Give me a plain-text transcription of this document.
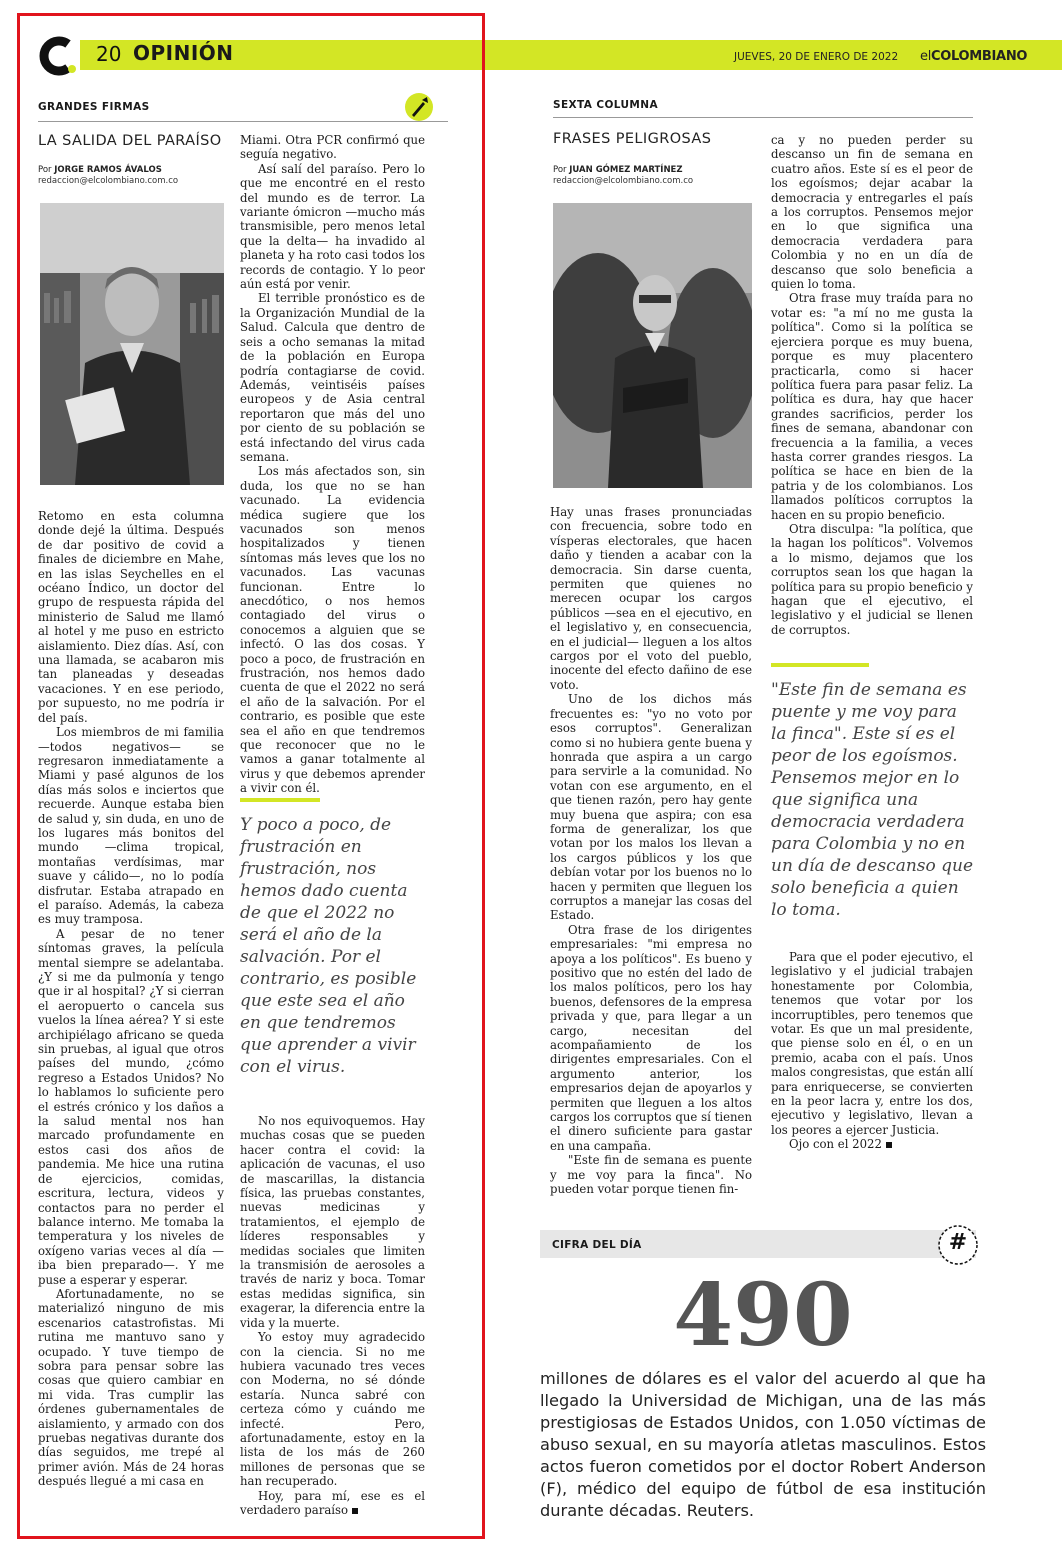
20 OPINIÓN	JUEVES, 20 DE ENERO DE 2022 elCOLOMBIANO
GRANDES FIRMAS
LA SALIDA DEL PARAÍSO
Por JORGE RAMOS ÁVALOS
redaccion@elcolombiano.com.co

Retomo en esta columna donde dejé la última. Después de dar positivo de covid a finales de diciembre en Mahe, en las islas Seychelles en el océano Índico, un doctor del grupo de respuesta rápida del ministerio de Salud me llamó al hotel y me puso en estricto aislamiento. Diez días. Así, con una llamada, se acabaron mis tan planeadas y deseadas vacaciones. Y en ese periodo, por supuesto, no me podría ir del país.

Los miembros de mi familia —todos negativos— se regresaron inmediatamente a Miami y pasé algunos de los días más solos e inciertos que recuerde. Aunque estaba bien de salud y, sin duda, en uno de los lugares más bonitos del mundo —clima tropical, montañas verdísimas, mar suave y cálido—, no lo podía disfrutar. Estaba atrapado en el paraíso. Además, la cabeza es muy tramposa.

A pesar de no tener síntomas graves, la película mental siempre se adelantaba. ¿Y si me da pulmonía y tengo que ir al hospital? ¿Y si cierran el aeropuerto o cancela sus vuelos la línea aérea? Y si este archipiélago africano se queda sin pruebas, al igual que otros países del mundo, ¿cómo regreso a Estados Unidos? No lo hablamos lo suficiente pero el estrés crónico y los daños a la salud mental nos han marcado profundamente en estos casi dos años de pandemia. Me hice una rutina de ejercicios, comidas, escritura, lectura, videos y contactos para no perder el balance interno. Me tomaba la temperatura y los niveles de oxígeno varias veces al día —iba bien preparado—. Y me puse a esperar y esperar.

Afortunadamente, no se materializó ninguno de mis escenarios catastrofistas. Mi rutina me mantuvo sano y ocupado. Y tuve tiempo de sobra para pensar sobre las cosas que quiero cambiar en mi vida. Tras cumplir las órdenes gubernamentales de aislamiento, y armado con dos pruebas negativas durante dos días seguidos, me trepé al primer avión. Más de 24 horas después llegué a mi casa en

Miami. Otra PCR confirmó que seguía negativo.

Así salí del paraíso. Pero lo que me encontré en el resto del mundo es de terror. La variante ómicron —mucho más transmisible, pero menos letal que la delta— ha invadido al planeta y ha roto casi todos los records de contagio. Y lo peor aún está por venir.

El terrible pronóstico es de la Organización Mundial de la Salud. Calcula que dentro de seis a ocho semanas la mitad de la población en Europa podría contagiarse de covid. Además, veintiséis países europeos y de Asia central reportaron que más del uno por ciento de su población se está infectando del virus cada semana.

Los más afectados son, sin duda, los que no se han vacunado. La evidencia médica sugiere que los vacunados son menos hospitalizados y tienen síntomas más leves que los no vacunados. Las vacunas funcionan. Entre lo anecdótico, o nos hemos contagiado del virus o conocemos a alguien que se infectó. O las dos cosas. Y poco a poco, de frustración en frustración, nos hemos dado cuenta de que el 2022 no será el año de la salvación. Por el contrario, es posible que este sea el año en que tendremos que reconocer que no le vamos a ganar totalmente al virus y que debemos aprender a vivir con él.

Y poco a poco, de frustración en frustración, nos hemos dado cuenta de que el 2022 no será el año de la salvación. Por el contrario, es posible que este sea el año en que tendremos que aprender a vivir con el virus.

No nos equivoquemos. Hay muchas cosas que se pueden hacer contra el covid: la aplicación de vacunas, el uso de mascarillas, la distancia física, las pruebas constantes, nuevas medicinas y tratamientos, el ejemplo de líderes responsables y medidas sociales que limiten la transmisión de aerosoles a través de nariz y boca. Tomar estas medidas significa, sin exagerar, la diferencia entre la vida y la muerte.

Yo estoy muy agradecido con la ciencia. Si no me hubiera vacunado tres veces con Moderna, no sé dónde estaría. Nunca sabré con certeza cómo y cuándo me infecté. Pero, afortunadamente, estoy en la lista de los más de 260 millones de personas que se han recuperado.

Hoy, para mí, ese es el verdadero paraíso

SEXTA COLUMNA
FRASES PELIGROSAS
Por JUAN GÓMEZ MARTÍNEZ
redaccion@elcolombiano.com.co

Hay unas frases pronunciadas con frecuencia, sobre todo en vísperas electorales, que hacen daño y tienden a acabar con la democracia. Sin darse cuenta, permiten que quienes no merecen ocupar los cargos públicos —sea en el ejecutivo, en el legislativo y, en consecuencia, en el judicial— lleguen a los altos cargos por el voto del pueblo, inocente del efecto dañino de ese voto.

Uno de los dichos más frecuentes es: "yo no voto por esos corruptos". Generalizan como si no hubiera gente buena y honrada que aspira a un cargo para servirle a la comunidad. No votan con ese argumento, en el que tienen razón, pero hay gente muy buena que aspira; con esa forma de generalizar, los que votan por los malos los llevan a los cargos públicos y los que debían votar por los buenos no lo hacen y permiten que lleguen los corruptos a manejar las cosas del Estado.

Otra frase de los dirigentes empresariales: "mi empresa no apoya a los políticos". Es bueno y positivo que no estén del lado de los malos políticos, pero los hay buenos, defensores de la empresa privada y que, para llegar a un cargo, necesitan del acompañamiento de los dirigentes empresariales. Con el argumento anterior, los empresarios dejan de apoyarlos y permiten que lleguen a los altos cargos los corruptos que sí tienen el dinero suficiente para gastar en una campaña.

"Este fin de semana es puente y me voy para la finca". No pueden votar porque tienen fin-

ca y no pueden perder su descanso un fin de semana en cuatro años. Este sí es el peor de los egoísmos; dejar acabar la democracia y entregarles el país a los corruptos. Pensemos mejor en lo que significa una democracia verdadera para Colombia y no en un día de descanso que solo beneficia a quien lo toma.

Otra frase muy traída para no votar es: "a mí no me gusta la política". Como si la política se ejerciera porque es muy buena, porque es muy placentero practicarla, como si hacer política fuera para pasar feliz. La política es dura, hay que hacer grandes sacrificios, perder los fines de semana, abandonar con frecuencia a la familia, a veces hasta correr grandes riesgos. La política se hace en bien de la patria y de los colombianos. Los llamados políticos corruptos la hacen en su propio beneficio.

Otra disculpa: "la política, que la hagan los políticos". Volvemos a lo mismo, dejamos que los corruptos sean los que hagan la política para su propio beneficio y hagan que el ejecutivo, el legislativo y el judicial se llenen de corruptos.

"Este fin de semana es puente y me voy para la finca". Este sí es el peor de los egoísmos. Pensemos mejor en lo que significa una democracia verdadera para Colombia y no en un día de descanso que solo beneficia a quien lo toma.

Para que el poder ejecutivo, el legislativo y el judicial trabajen honestamente por Colombia, tenemos que votar por los incorruptibles, pero tenemos que votar. Es que un mal presidente, que piense solo en él, o en un premio, acaba con el país. Unos malos congresistas, que están allí para enriquecerse, se convierten en la peor lacra y, entre los dos, ejecutivo y legislativo, llevan a los peores a ejercer Justicia.

Ojo con el 2022

CIFRA DEL DÍA	#
490
millones de dólares es el valor del acuerdo al que ha llegado la Universidad de Michigan, una de las más prestigiosas de Estados Unidos, con 1.050 víctimas de abuso sexual, en su mayoría atletas masculinos. Estos actos fueron cometidos por el doctor Robert Anderson (F), médico del equipo de fútbol de esa institución durante décadas. Reuters.
